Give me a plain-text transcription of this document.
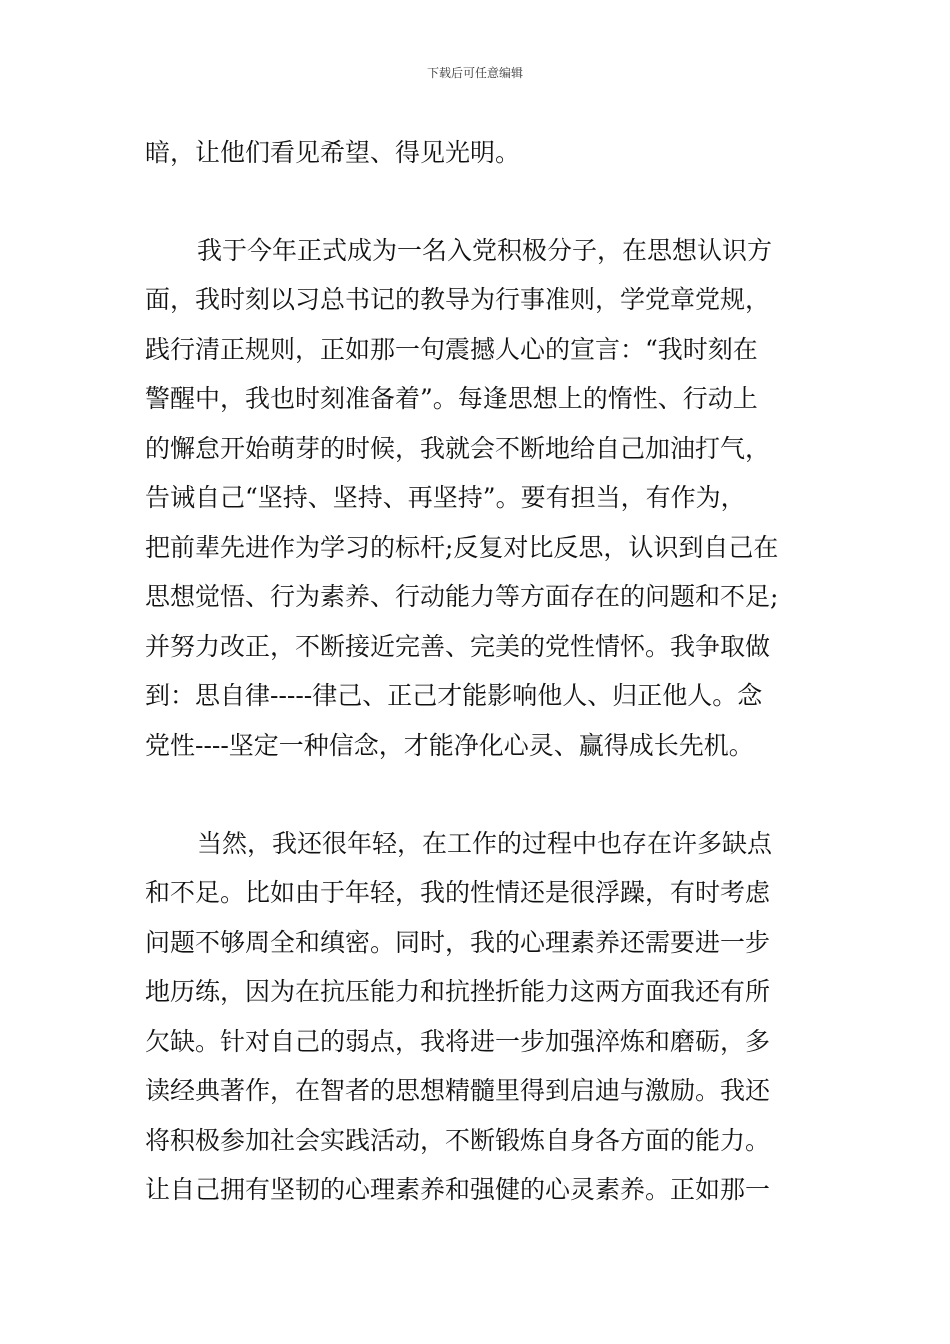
下载后可任意编辑
暗，让他们看见希望、得见光明。
我于今年正式成为一名入党积极分子，在思想认识方
面，我时刻以习总书记的教导为行事准则，学党章党规，
践行清正规则，正如那一句震撼人心的宣言：“我时刻在
警醒中，我也时刻准备着”。每逢思想上的惰性、行动上
的懈怠开始萌芽的时候，我就会不断地给自己加油打气，
告诫自己“坚持、坚持、再坚持”。要有担当，有作为，
把前辈先进作为学习的标杆;反复对比反思，认识到自己在
思想觉悟、行为素养、行动能力等方面存在的问题和不足;
并努力改正，不断接近完善、完美的党性情怀。我争取做
到：思自律-----律己、正己才能影响他人、归正他人。念
党性----坚定一种信念，才能净化心灵、赢得成长先机。
当然，我还很年轻，在工作的过程中也存在许多缺点
和不足。比如由于年轻，我的性情还是很浮躁，有时考虑
问题不够周全和缜密。同时，我的心理素养还需要进一步
地历练，因为在抗压能力和抗挫折能力这两方面我还有所
欠缺。针对自己的弱点，我将进一步加强淬炼和磨砺，多
读经典著作，在智者的思想精髓里得到启迪与激励。我还
将积极参加社会实践活动，不断锻炼自身各方面的能力。
让自己拥有坚韧的心理素养和强健的心灵素养。正如那一
